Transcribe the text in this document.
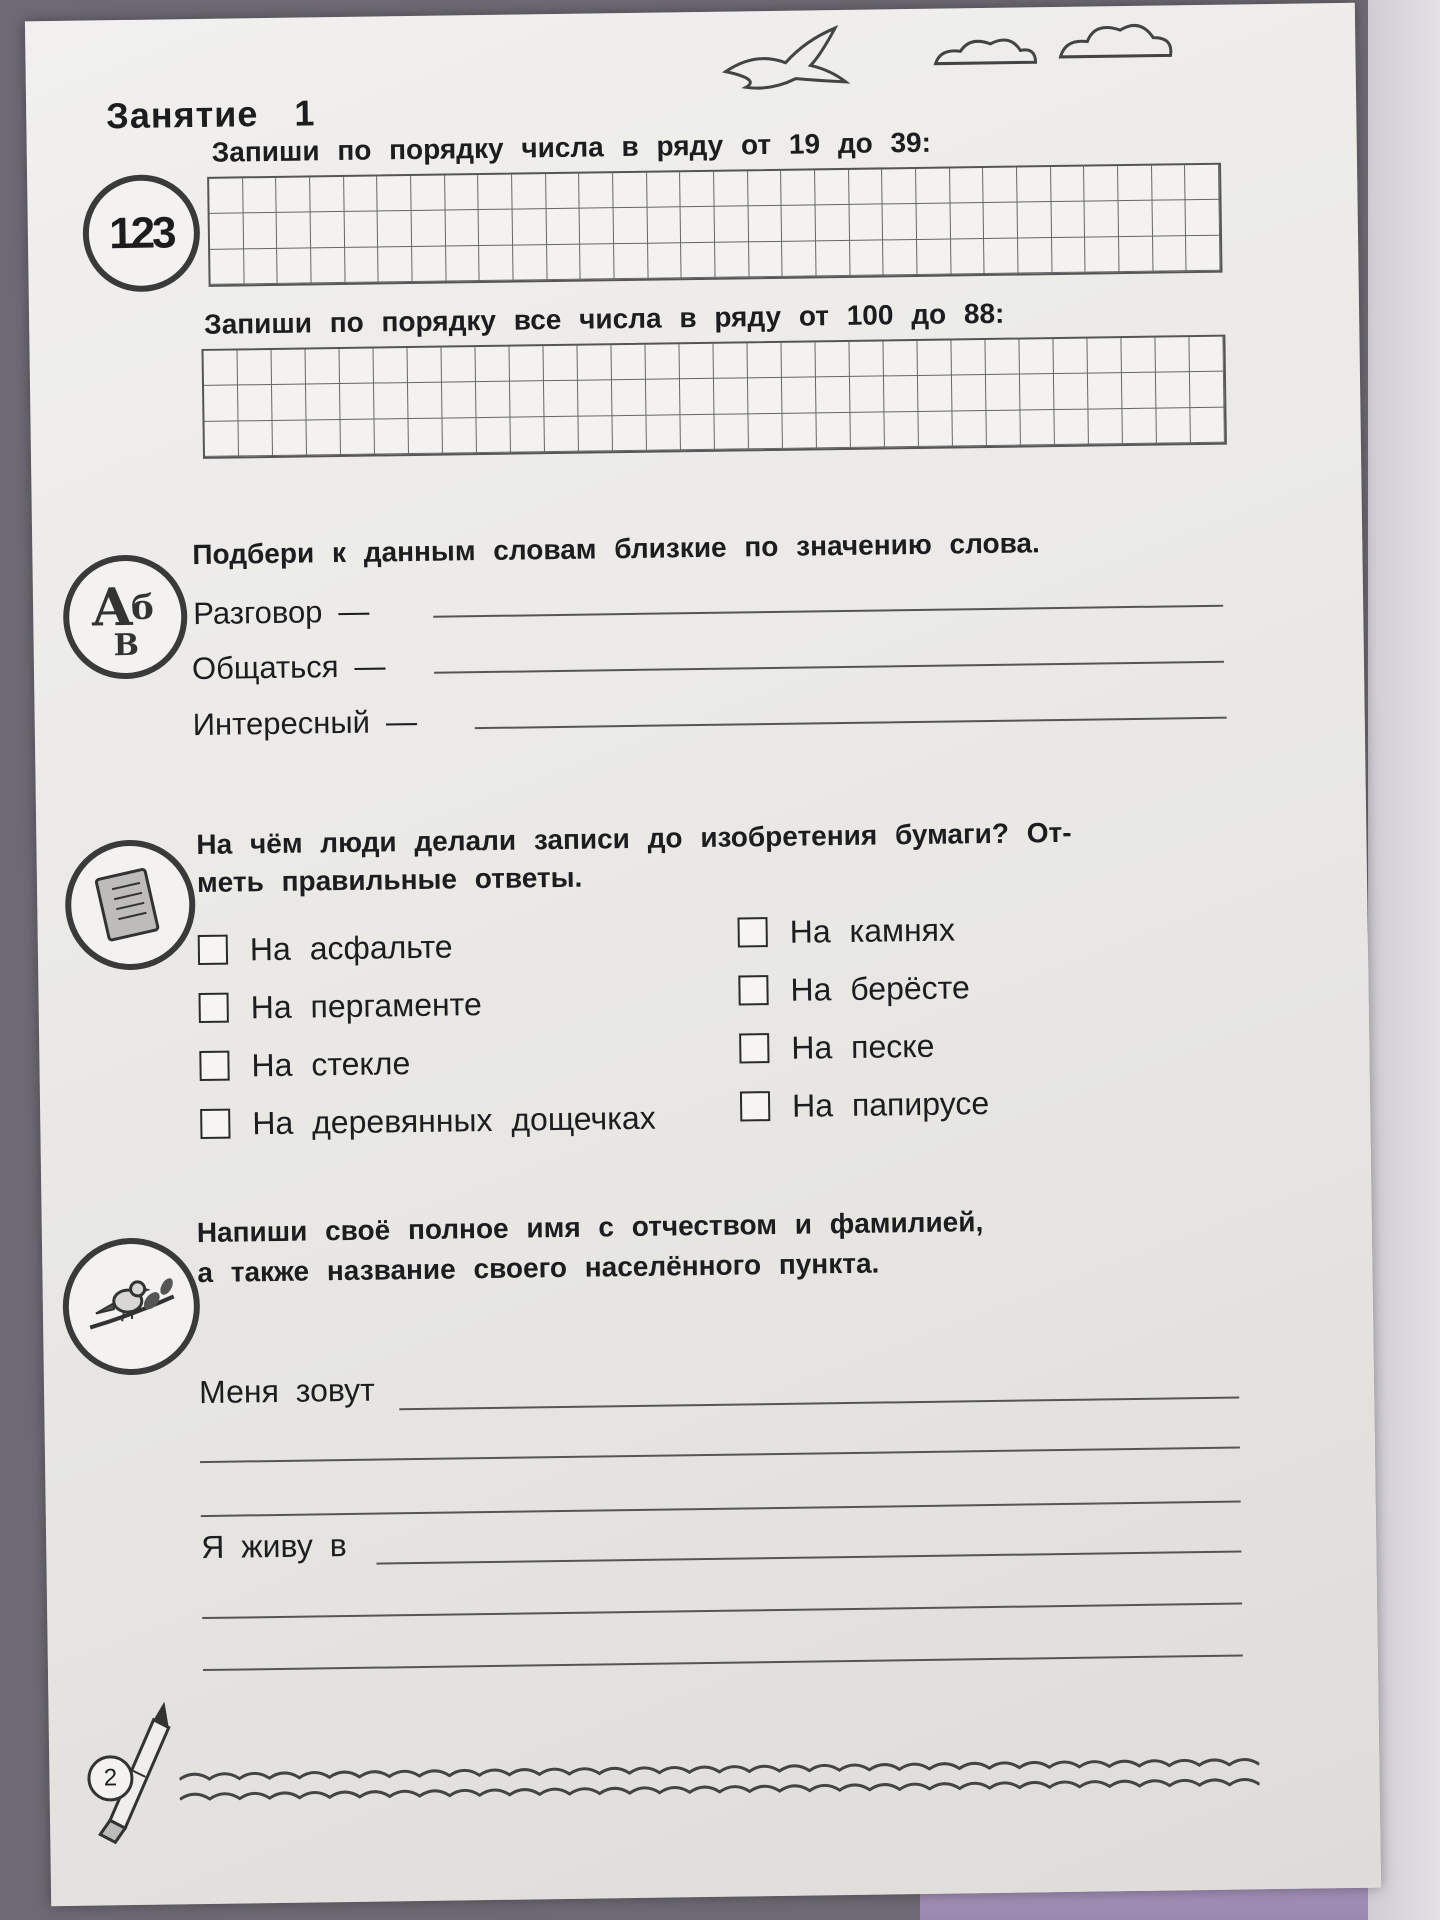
Занятие 1
123
Запиши по порядку числа в ряду от 19 до 39:
Запиши по порядку все числа в ряду от 100 до 88:
А
б
В
Подбери к данным словам близкие по значению слова.
Разговор —
Общаться —
Интересный —
На чём люди делали записи до изобретения бумаги? От-
меть правильные ответы.
На асфальте
На пергаменте
На стекле
На деревянных дощечках
На камнях
На берёсте
На песке
На папирусе
Напиши своё полное имя с отчеством и фамилией,
а также название своего населённого пункта.
Меня зовут
Я живу в
2
